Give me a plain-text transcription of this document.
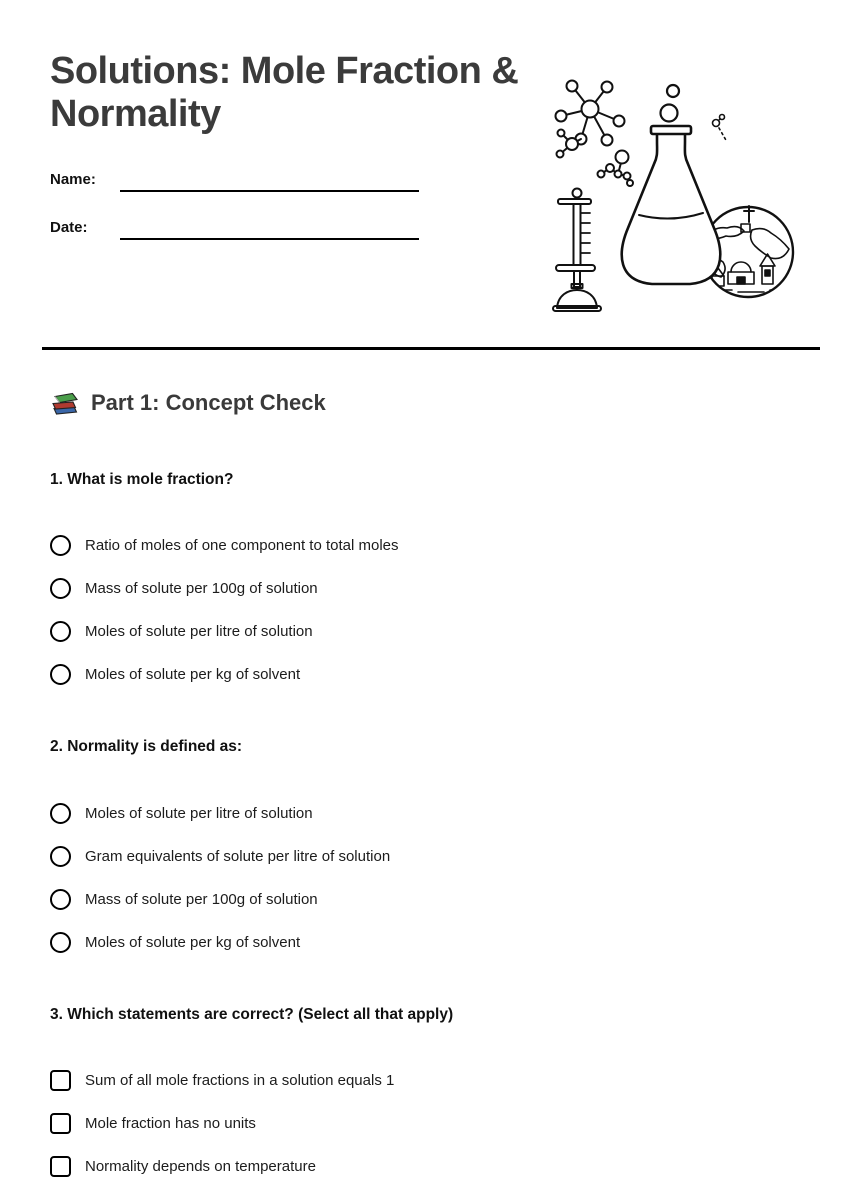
Solutions: Mole Fraction & Normality
Name:
Date:
Part 1: Concept Check
1. What is mole fraction?
Ratio of moles of one component to total moles
Mass of solute per 100g of solution
Moles of solute per litre of solution
Moles of solute per kg of solvent
2. Normality is defined as:
Moles of solute per litre of solution
Gram equivalents of solute per litre of solution
Mass of solute per 100g of solution
Moles of solute per kg of solvent
3. Which statements are correct? (Select all that apply)
Sum of all mole fractions in a solution equals 1
Mole fraction has no units
Normality depends on temperature
